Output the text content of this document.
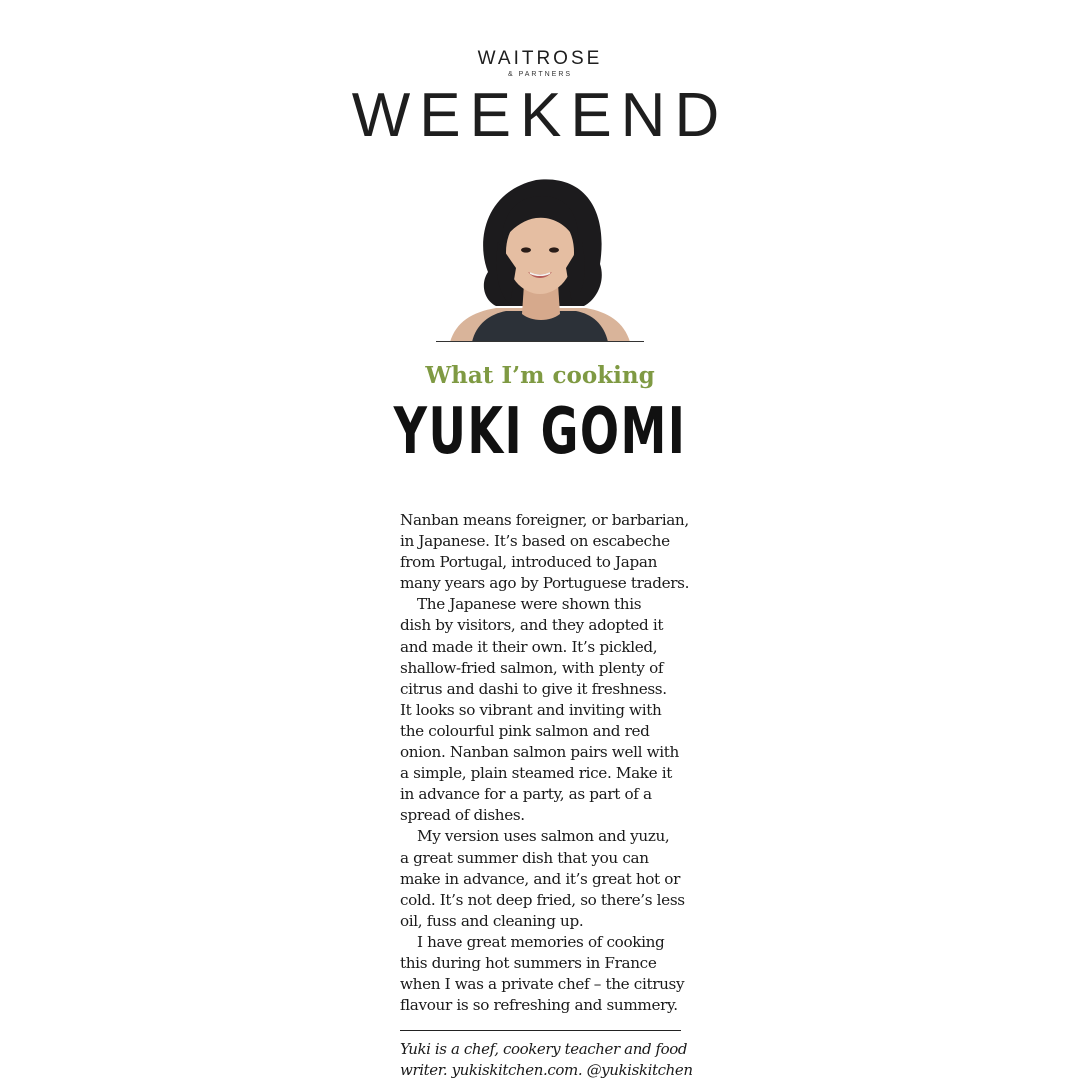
WAITROSE
& PARTNERS
WEEKEND
What I’m cooking
YUKI GOMI
Nanban means foreigner, or barbarian,
in Japanese. It’s based on escabeche
from Portugal, introduced to Japan
many years ago by Portuguese traders.
The Japanese were shown this
dish by visitors, and they adopted it
and made it their own. It’s pickled,
shallow-fried salmon, with plenty of
citrus and dashi to give it freshness.
It looks so vibrant and inviting with
the colourful pink salmon and red
onion. Nanban salmon pairs well with
a simple, plain steamed rice. Make it
in advance for a party, as part of a
spread of dishes.
My version uses salmon and yuzu,
a great summer dish that you can
make in advance, and it’s great hot or
cold. It’s not deep fried, so there’s less
oil, fuss and cleaning up.
I have great memories of cooking
this during hot summers in France
when I was a private chef – the citrusy
flavour is so refreshing and summery.
Yuki is a chef, cookery teacher and food
writer. yukiskitchen.com. @yukiskitchen
